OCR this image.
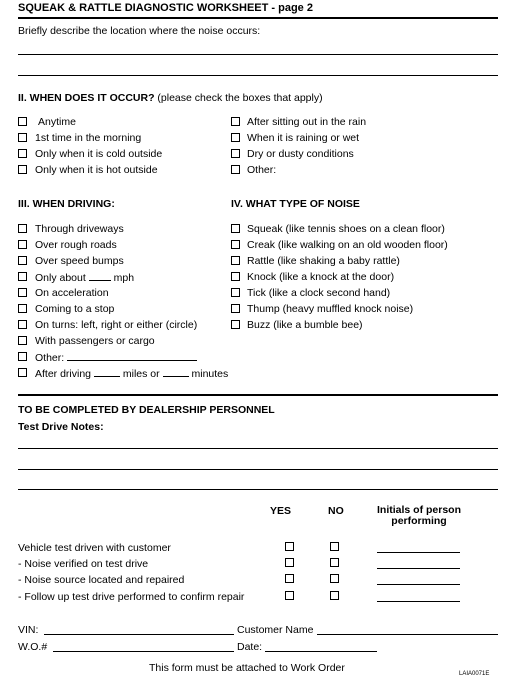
SQUEAK & RATTLE DIAGNOSTIC WORKSHEET - page 2
Briefly describe the location where the noise occurs:
II. WHEN DOES IT OCCUR? (please check the boxes that apply)
Anytime
1st time in the morning
Only when it is cold outside
Only when it is hot outside
After sitting out in the rain
When it is raining or wet
Dry or dusty conditions
Other:
III. WHEN DRIVING:
Through driveways
Over rough roads
Over speed bumps
Only about	mph
On acceleration
Coming to a stop
On turns: left, right or either (circle)
With passengers or cargo
Other:
After driving	miles or	minutes
IV. WHAT TYPE OF NOISE
Squeak (like tennis shoes on a clean floor)
Creak (like walking on an old wooden floor)
Rattle (like shaking a baby rattle)
Knock (like a knock at the door)
Tick (like a clock second hand)
Thump (heavy muffled knock noise)
Buzz (like a bumble bee)
TO BE COMPLETED BY DEALERSHIP PERSONNEL
Test Drive Notes:
YES	NO	Initials of person
performing
Vehicle test driven with customer
- Noise verified on test drive
- Noise source located and repaired
- Follow up test drive performed to confirm repair
VIN:	Customer Name
W.O.#	Date:
This form must be attached to Work Order	LAIA0071E
